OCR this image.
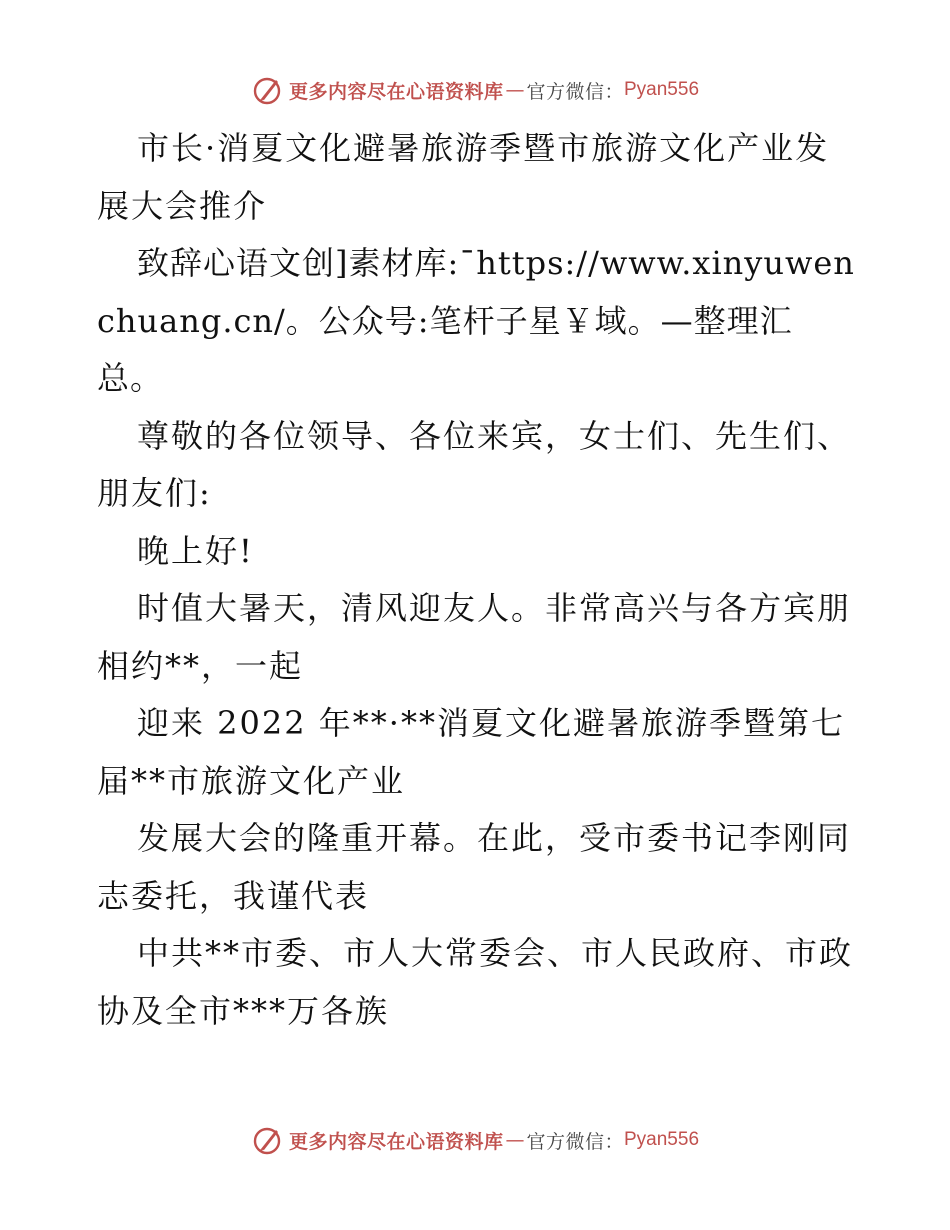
更多内容尽在心语资料库 — 官方微信： Pyan556

市长·消夏文化避暑旅游季暨市旅游文化产业发展大会推介

致辞心语文创]素材库:¯https://www.xinyuwenchuang.cn/。公众号:笔杆子星￥域。—整理汇总。

尊敬的各位领导、各位来宾，女士们、先生们、朋友们:

晚上好!

时值大暑天，清风迎友人。非常高兴与各方宾朋相约**，一起

迎来 2022 年**·**消夏文化避暑旅游季暨第七届**市旅游文化产业

发展大会的隆重开幕。在此，受市委书记李刚同志委托，我谨代表

中共**市委、市人大常委会、市人民政府、市政协及全市***万各族

更多内容尽在心语资料库 — 官方微信： Pyan556
